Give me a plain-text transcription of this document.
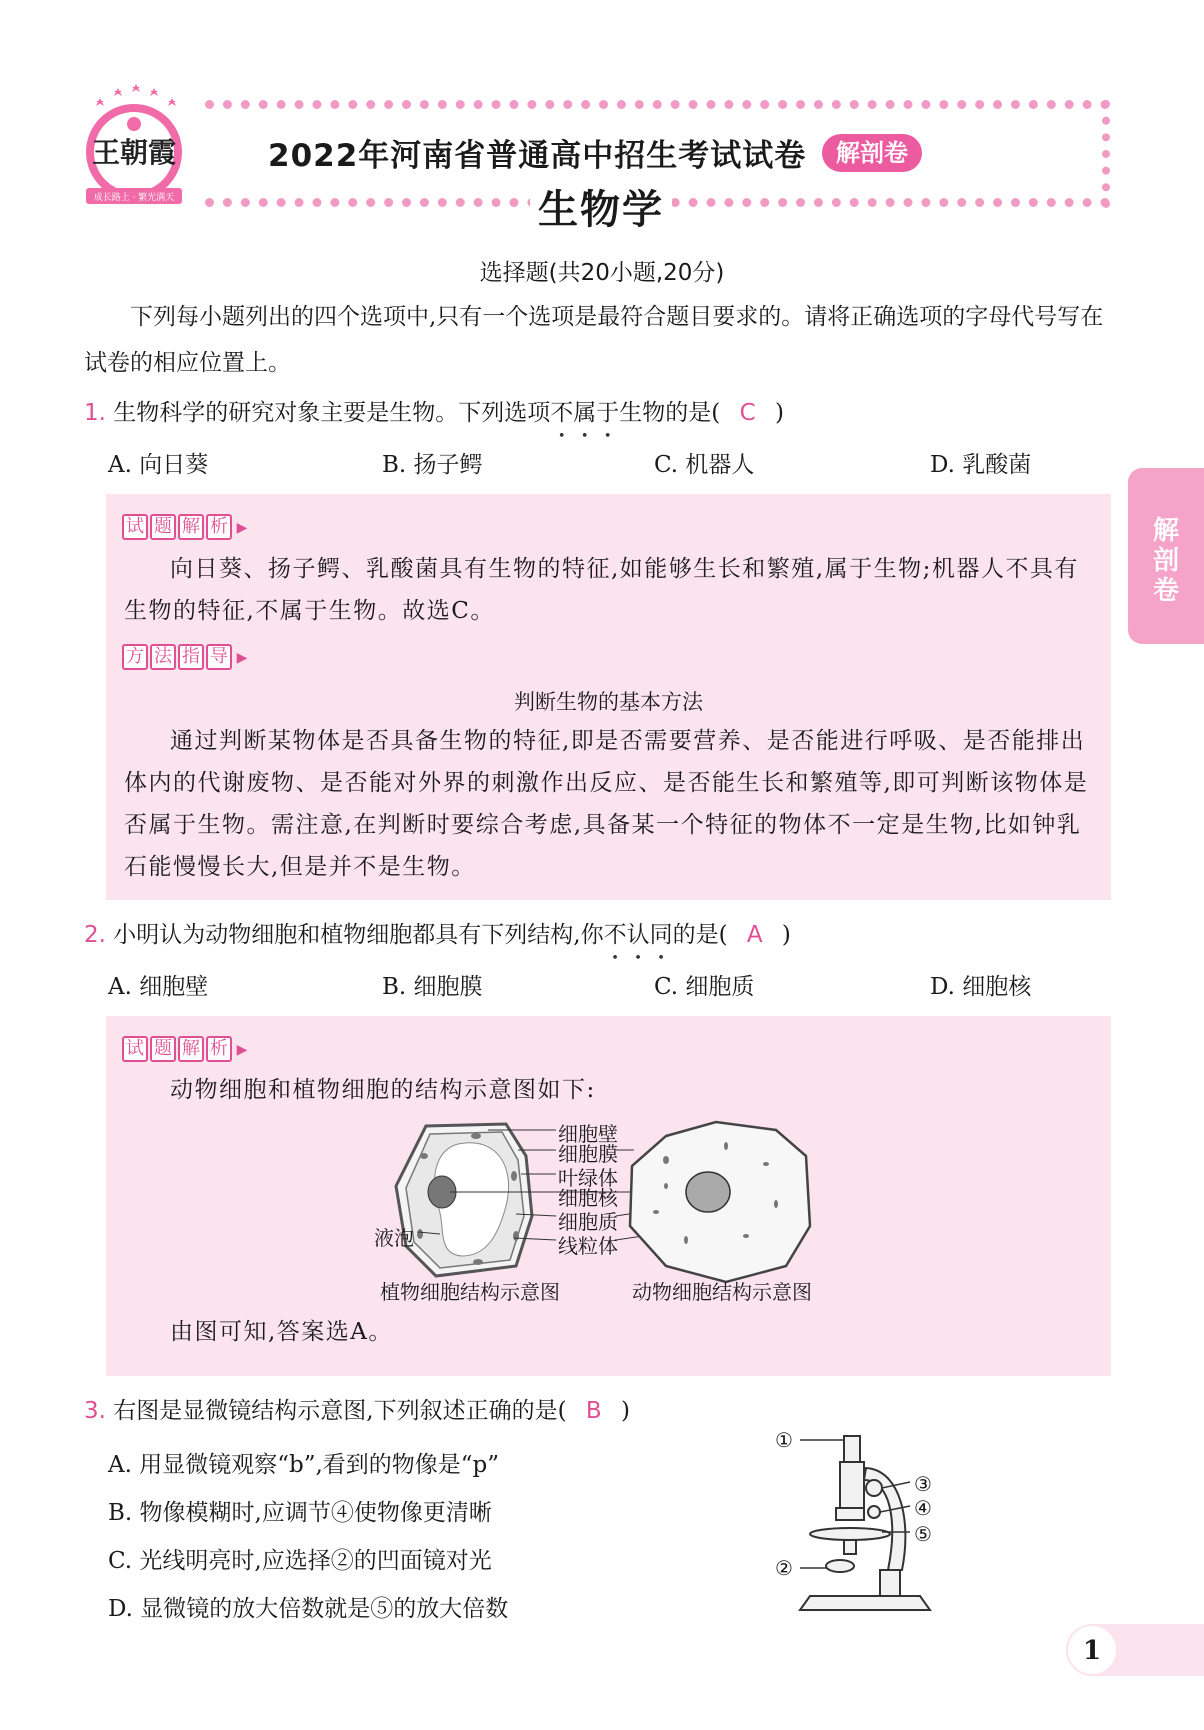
王朝霞
成长路上 · 繁光满天
2022年河南省普通高中招生考试试卷	解剖卷
生物学
解剖卷
选择题(共20小题,20分)
下列每小题列出的四个选项中,只有一个选项是最符合题目要求的。请将正确选项的字母代号写在试卷的相应位置上。
1. 生物科学的研究对象主要是生物。下列选项不属于生物的是( C )
A. 向日葵	B. 扬子鳄	C. 机器人	D. 乳酸菌
试 题 解 析 ▶
向日葵、扬子鳄、乳酸菌具有生物的特征,如能够生长和繁殖,属于生物;机器人不具有生物的特征,不属于生物。故选C。
方 法 指 导 ▶
判断生物的基本方法
通过判断某物体是否具备生物的特征,即是否需要营养、是否能进行呼吸、是否能排出体内的代谢废物、是否能对外界的刺激作出反应、是否能生长和繁殖等,即可判断该物体是否属于生物。需注意,在判断时要综合考虑,具备某一个特征的物体不一定是生物,比如钟乳石能慢慢长大,但是并不是生物。
2. 小明认为动物细胞和植物细胞都具有下列结构,你不认同的是( A )
A. 细胞壁	B. 细胞膜	C. 细胞质	D. 细胞核
试 题 解 析 ▶
动物细胞和植物细胞的结构示意图如下:
细胞壁
细胞膜
叶绿体
细胞核
细胞质
线粒体
液泡
植物细胞结构示意图	动物细胞结构示意图
由图可知,答案选A。
3. 右图是显微镜结构示意图,下列叙述正确的是( B )
A. 用显微镜观察“b”,看到的物像是“p”
B. 物像模糊时,应调节④使物像更清晰
C. 光线明亮时,应选择②的凹面镜对光
D. 显微镜的放大倍数就是⑤的放大倍数
①
②
③
④
⑤
1
